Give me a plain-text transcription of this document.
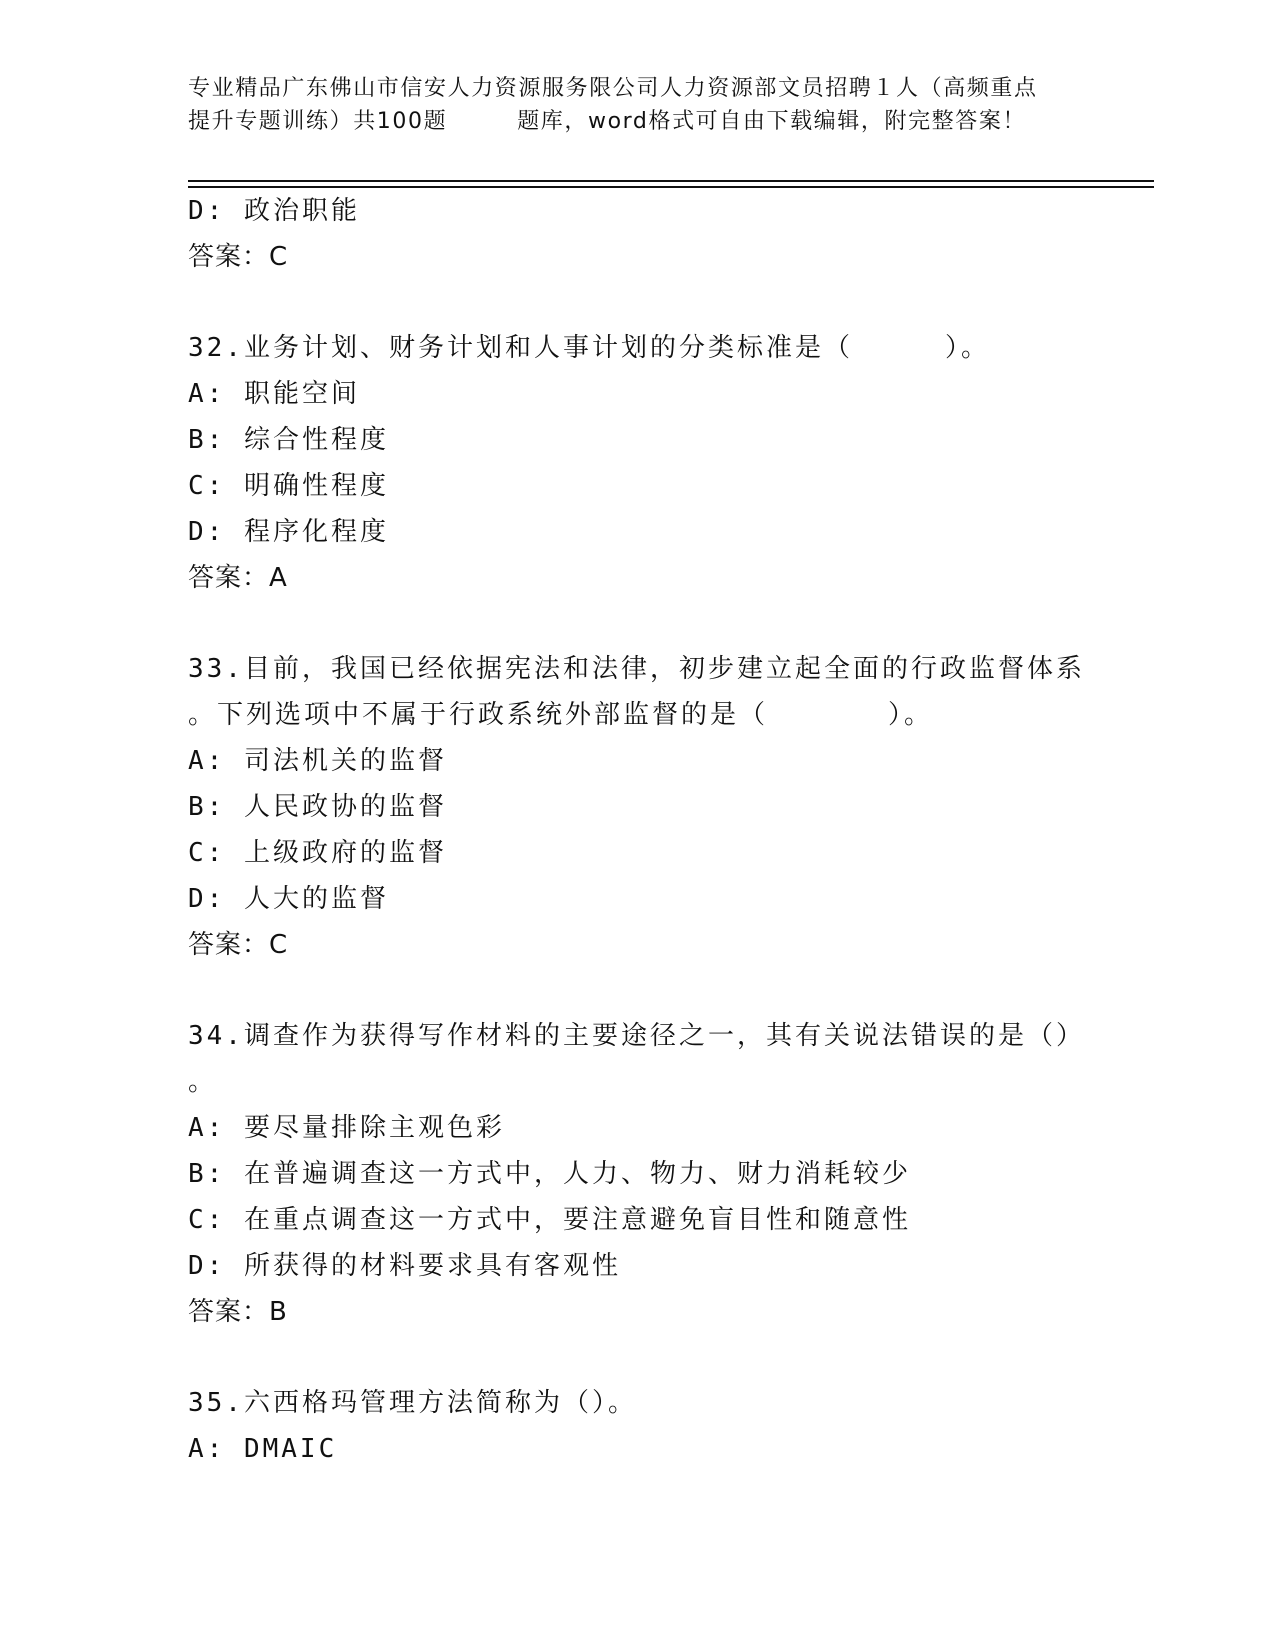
专业精品广东佛山市信安人力资源服务限公司人力资源部文员招聘１人（高频重点
提升专题训练）共100题	题库，word格式可自由下载编辑，附完整答案！
D: 政治职能
答案：C
32.业务计划、财务计划和人事计划的分类标准是（	）。
A: 职能空间
B: 综合性程度
C: 明确性程度
D: 程序化程度
答案：A
33.目前，我国已经依据宪法和法律，初步建立起全面的行政监督体系
。下列选项中不属于行政系统外部监督的是（	）。
A: 司法机关的监督
B: 人民政协的监督
C: 上级政府的监督
D: 人大的监督
答案：C
34.调查作为获得写作材料的主要途径之一，其有关说法错误的是（）
。
A: 要尽量排除主观色彩
B: 在普遍调查这一方式中，人力、物力、财力消耗较少
C: 在重点调查这一方式中，要注意避免盲目性和随意性
D: 所获得的材料要求具有客观性
答案：B
35.六西格玛管理方法简称为（）。
A: DMAIC
